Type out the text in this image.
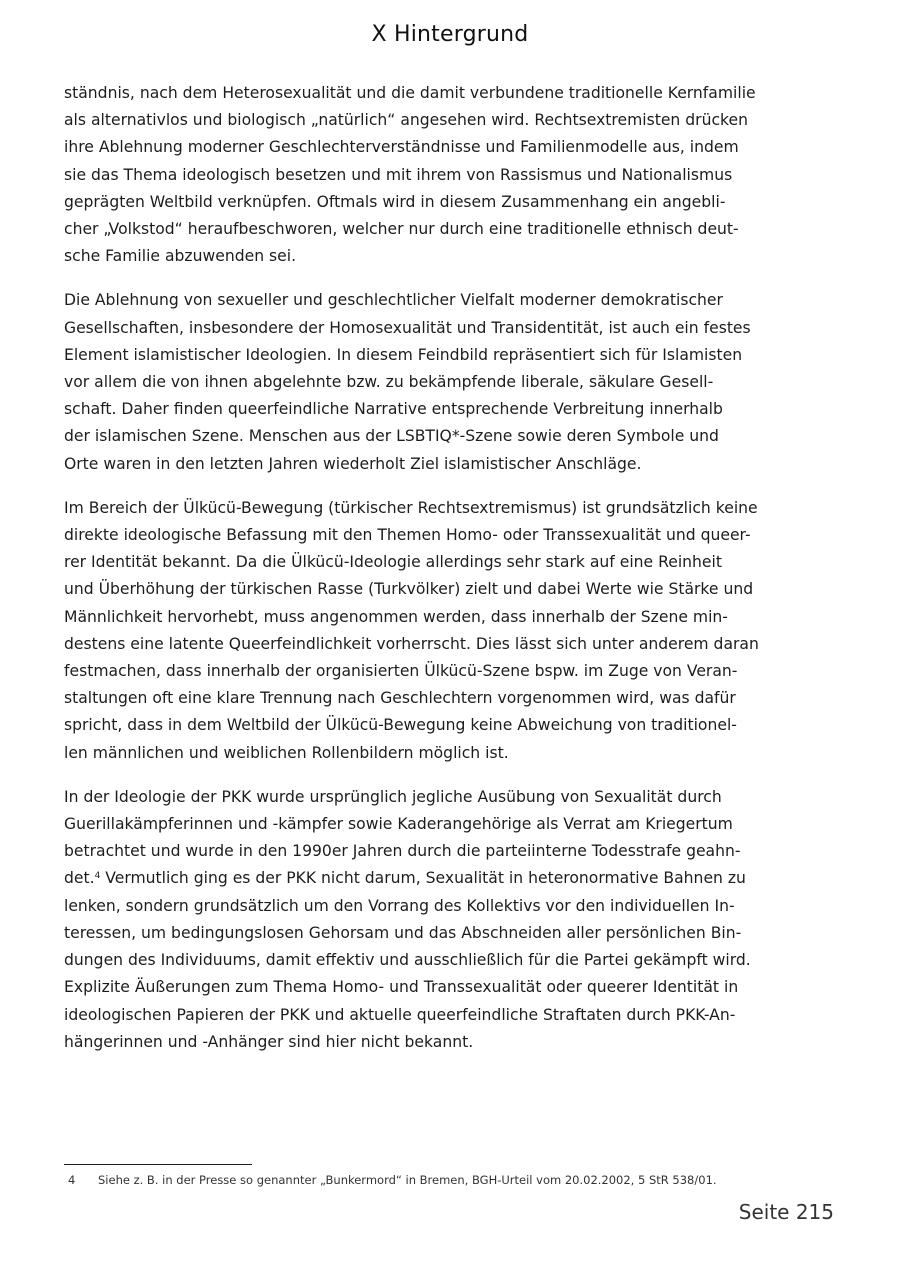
X Hintergrund

ständnis, nach dem Heterosexualität und die damit verbundene traditionelle Kernfamilie
als alternativlos und biologisch „natürlich“ angesehen wird. Rechtsextremisten drücken
ihre Ablehnung moderner Geschlechterverständnisse und Familienmodelle aus, indem
sie das Thema ideologisch besetzen und mit ihrem von Rassismus und Nationalismus
geprägten Weltbild verknüpfen. Oftmals wird in diesem Zusammenhang ein angebli-
cher „Volkstod“ heraufbeschworen, welcher nur durch eine traditionelle ethnisch deut-
sche Familie abzuwenden sei.

Die Ablehnung von sexueller und geschlechtlicher Vielfalt moderner demokratischer
Gesellschaften, insbesondere der Homosexualität und Transidentität, ist auch ein festes
Element islamistischer Ideologien. In diesem Feindbild repräsentiert sich für Islamisten
vor allem die von ihnen abgelehnte bzw. zu bekämpfende liberale, säkulare Gesell-
schaft. Daher finden queerfeindliche Narrative entsprechende Verbreitung innerhalb
der islamischen Szene. Menschen aus der LSBTIQ*-Szene sowie deren Symbole und
Orte waren in den letzten Jahren wiederholt Ziel islamistischer Anschläge.

Im Bereich der Ülkücü-Bewegung (türkischer Rechtsextremismus) ist grundsätzlich keine
direkte ideologische Befassung mit den Themen Homo- oder Transsexualität und queer-
rer Identität bekannt. Da die Ülkücü-Ideologie allerdings sehr stark auf eine Reinheit
und Überhöhung der türkischen Rasse (Turkvölker) zielt und dabei Werte wie Stärke und
Männlichkeit hervorhebt, muss angenommen werden, dass innerhalb der Szene min-
destens eine latente Queerfeindlichkeit vorherrscht. Dies lässt sich unter anderem daran
festmachen, dass innerhalb der organisierten Ülkücü-Szene bspw. im Zuge von Veran-
staltungen oft eine klare Trennung nach Geschlechtern vorgenommen wird, was dafür
spricht, dass in dem Weltbild der Ülkücü-Bewegung keine Abweichung von traditionel-
len männlichen und weiblichen Rollenbildern möglich ist.

In der Ideologie der PKK wurde ursprünglich jegliche Ausübung von Sexualität durch
Guerillakämpferinnen und -kämpfer sowie Kaderangehörige als Verrat am Kriegertum
betrachtet und wurde in den 1990er Jahren durch die parteiinterne Todesstrafe geahn-
det.$^4$ Vermutlich ging es der PKK nicht darum, Sexualität in heteronormative Bahnen zu
lenken, sondern grundsätzlich um den Vorrang des Kollektivs vor den individuellen In-
teressen, um bedingungslosen Gehorsam und das Abschneiden aller persönlichen Bin-
dungen des Individuums, damit effektiv und ausschließlich für die Partei gekämpft wird.
Explizite Äußerungen zum Thema Homo- und Transsexualität oder queerer Identität in
ideologischen Papieren der PKK und aktuelle queerfeindliche Straftaten durch PKK-An-
hängerinnen und -Anhänger sind hier nicht bekannt.

4 Siehe z. B. in der Presse so genannter „Bunkermord“ in Bremen, BGH-Urteil vom 20.02.2002, 5 StR 538/01.
Seite 215
